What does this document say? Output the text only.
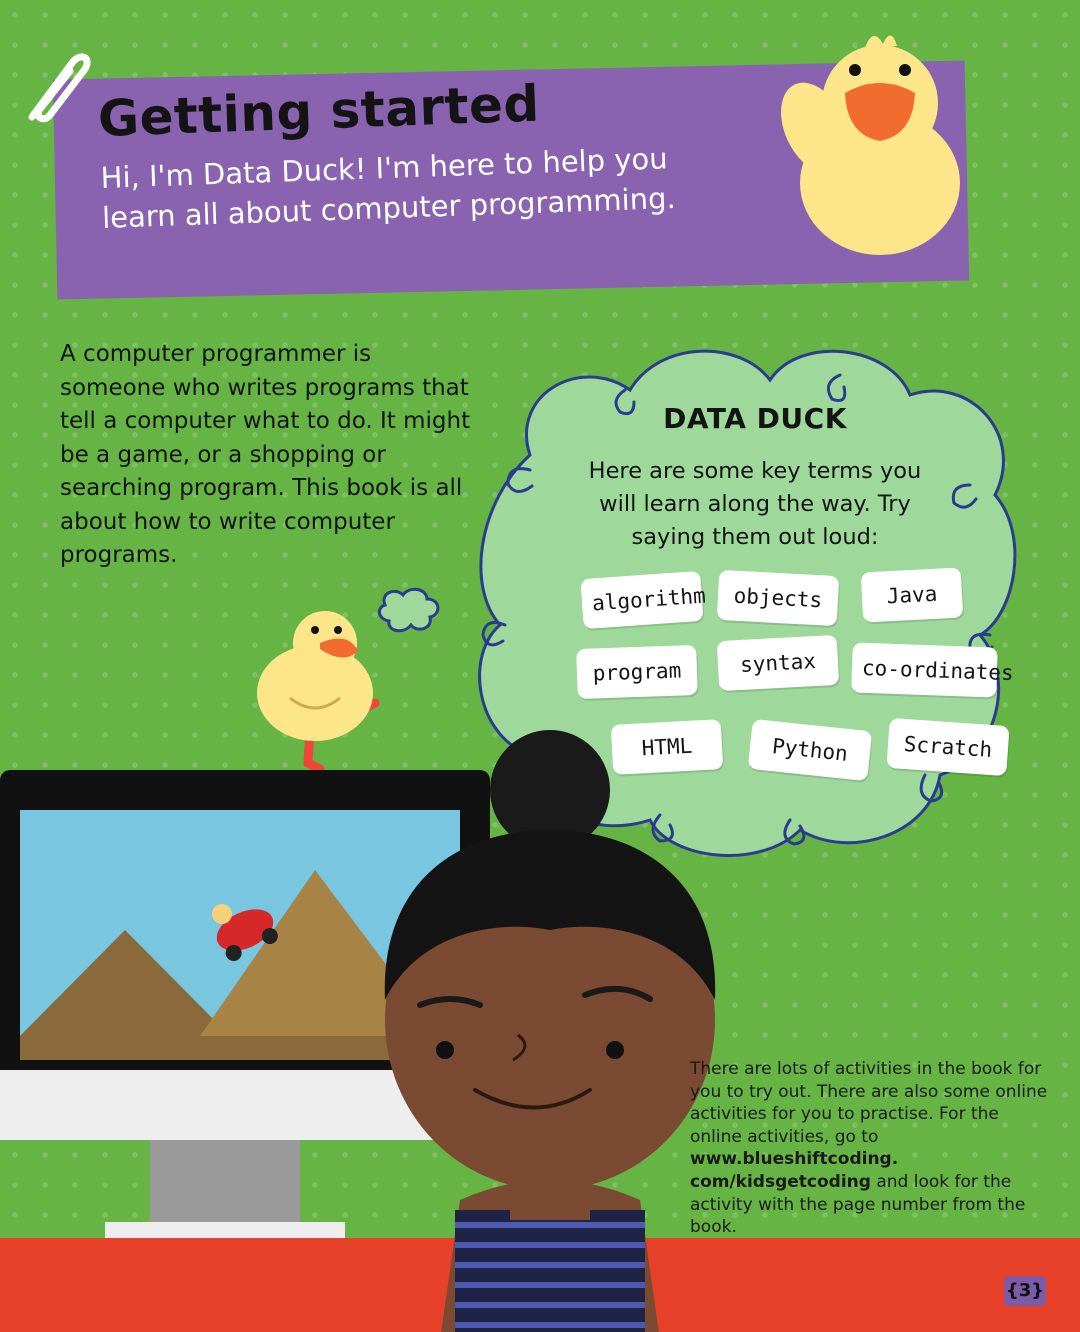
Getting started
Hi, I'm Data Duck! I'm here to help you learn all about computer programming.
A computer programmer is someone who writes programs that tell a computer what to do. It might be a game, or a shopping or searching program. This book is all about how to write computer programs.
DATA DUCK
Here are some key terms you will learn along the way. Try saying them out loud:
algorithm	objects	Java
program	syntax	co-ordinates
HTML	Python	Scratch
There are lots of activities in the book for you to try out. There are also some online activities for you to practise. For the online activities, go to www.blueshiftcoding. com/kidsgetcoding and look for the activity with the page number from the book.
{3}
